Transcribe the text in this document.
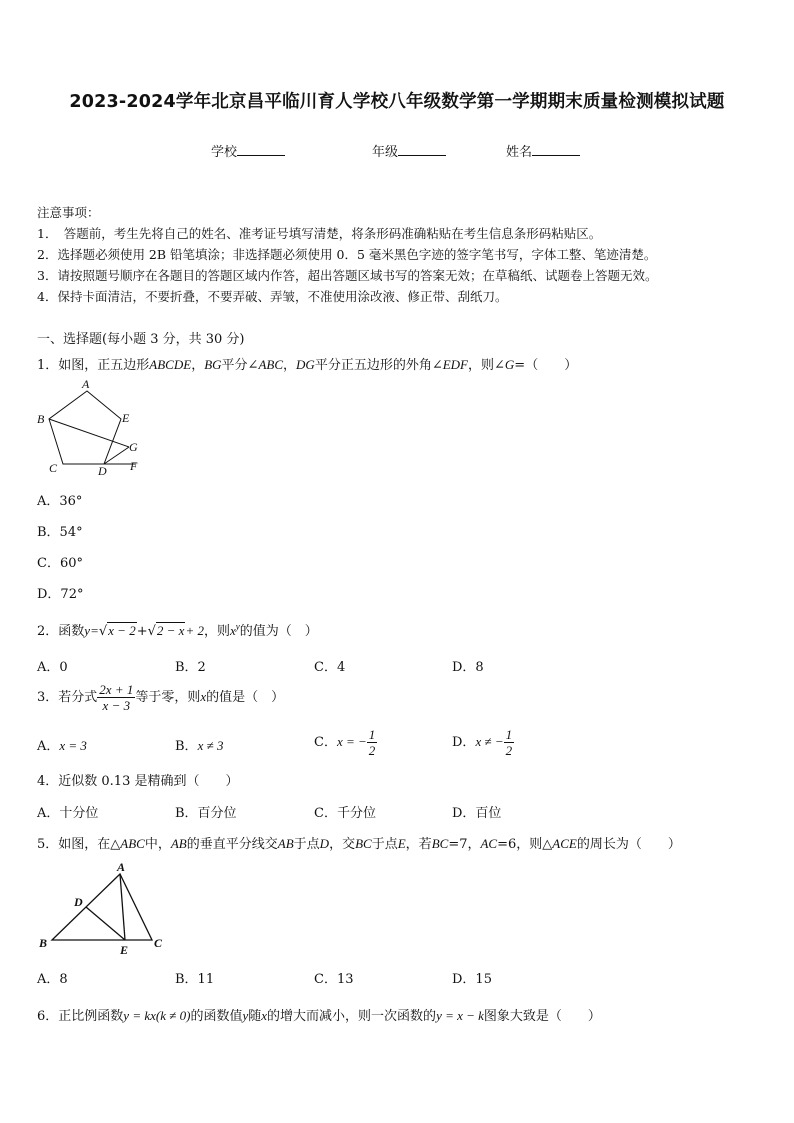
2023-2024学年北京昌平临川育人学校八年级数学第一学期期末质量检测模拟试题
学校	年级	姓名
注意事项：
1．　答题前，考生先将自己的姓名、准考证号填写清楚，将条形码准确粘贴在考生信息条形码粘贴区。
2．选择题必须使用 2B 铅笔填涂；非选择题必须使用 0．5 毫米黑色字迹的签字笔书写，字体工整、笔迹清楚。
3．请按照题号顺序在各题目的答题区域内作答，超出答题区域书写的答案无效；在草稿纸、试题卷上答题无效。
4．保持卡面清洁，不要折叠，不要弄破、弄皱，不准使用涂改液、修正带、刮纸刀。
一、选择题(每小题 3 分，共 30 分)
1．如图，正五边形ABCDE，BG平分∠ABC，DG平分正五边形的外角∠EDF，则∠G=（　　）
A
B
C	D
E
F
G
A．36°
B．54°
C．60°
D．72°
2．函数y=√x − 2+√2 − x+ 2，则$x^y$的值为（　）
A．0	B．2	C．4	D．8
3．若分式 $\frac{2x + 1}{x - 3}$ 等于零，则x的值是（　）
A．x = 3	B．x ≠ 3	C．x = − $\frac{1}{2}$	D．x ≠ − $\frac{1}{2}$
4．近似数 0.13 是精确到（　　）
A．十分位	B．百分位	C．千分位	D．百位
5．如图，在△ABC中，AB的垂直平分线交AB于点D，交BC于点E，若BC=7，AC=6，则△ACE的周长为（　　）
A
B	C
D
E
A．8	B．11	C．13	D．15
6．正比例函数y = kx(k ≠ 0)的函数值y随x的增大而减小，则一次函数的y = x − k图象大致是（　　）
